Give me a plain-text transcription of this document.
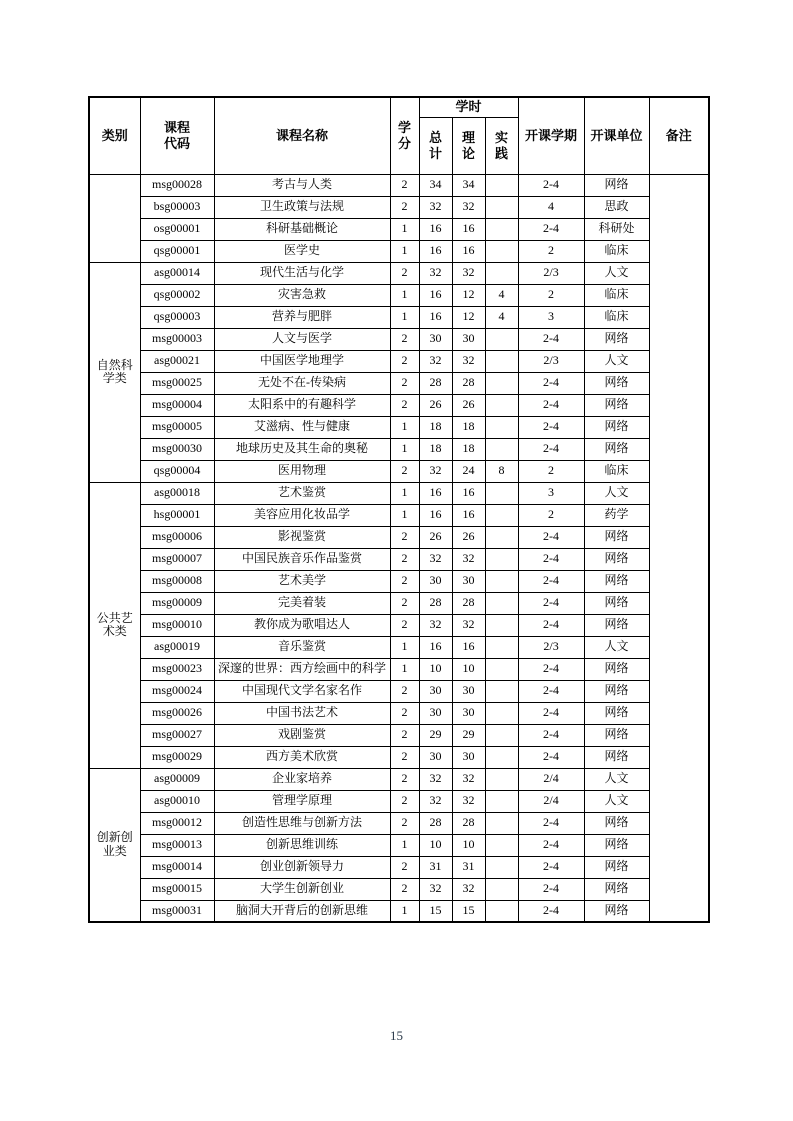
类别	课程代码	课程名称	学分	学时			开课学期	开课单位	备注
				总计	理论	实践			
	msg00028	考古与人类	2	34	34		2-4	网络	
	bsg00003	卫生政策与法规	2	32	32		4	思政	
	osg00001	科研基础概论	1	16	16		2-4	科研处	
	qsg00001	医学史	1	16	16		2	临床	
自然科学类	asg00014	现代生活与化学	2	32	32		2/3	人文	
	qsg00002	灾害急救	1	16	12	4	2	临床	
	qsg00003	营养与肥胖	1	16	12	4	3	临床	
	msg00003	人文与医学	2	30	30		2-4	网络	
	asg00021	中国医学地理学	2	32	32		2/3	人文	
	msg00025	无处不在-传染病	2	28	28		2-4	网络	
	msg00004	太阳系中的有趣科学	2	26	26		2-4	网络	
	msg00005	艾滋病、性与健康	1	18	18		2-4	网络	
	msg00030	地球历史及其生命的奥秘	1	18	18		2-4	网络	
	qsg00004	医用物理	2	32	24	8	2	临床	
公共艺术类	asg00018	艺术鉴赏	1	16	16		3	人文	
	hsg00001	美容应用化妆品学	1	16	16		2	药学	
	msg00006	影视鉴赏	2	26	26		2-4	网络	
	msg00007	中国民族音乐作品鉴赏	2	32	32		2-4	网络	
	msg00008	艺术美学	2	30	30		2-4	网络	
	msg00009	完美着装	2	28	28		2-4	网络	
	msg00010	教你成为歌唱达人	2	32	32		2-4	网络	
	asg00019	音乐鉴赏	1	16	16		2/3	人文	
	msg00023	深邃的世界：西方绘画中的科学	1	10	10		2-4	网络	
	msg00024	中国现代文学名家名作	2	30	30		2-4	网络	
	msg00026	中国书法艺术	2	30	30		2-4	网络	
	msg00027	戏剧鉴赏	2	29	29		2-4	网络	
	msg00029	西方美术欣赏	2	30	30		2-4	网络	
创新创业类	asg00009	企业家培养	2	32	32		2/4	人文	
	asg00010	管理学原理	2	32	32		2/4	人文	
	msg00012	创造性思维与创新方法	2	28	28		2-4	网络	
	msg00013	创新思维训练	1	10	10		2-4	网络	
	msg00014	创业创新领导力	2	31	31		2-4	网络	
	msg00015	大学生创新创业	2	32	32		2-4	网络	
	msg00031	脑洞大开背后的创新思维	1	15	15		2-4	网络	
15
